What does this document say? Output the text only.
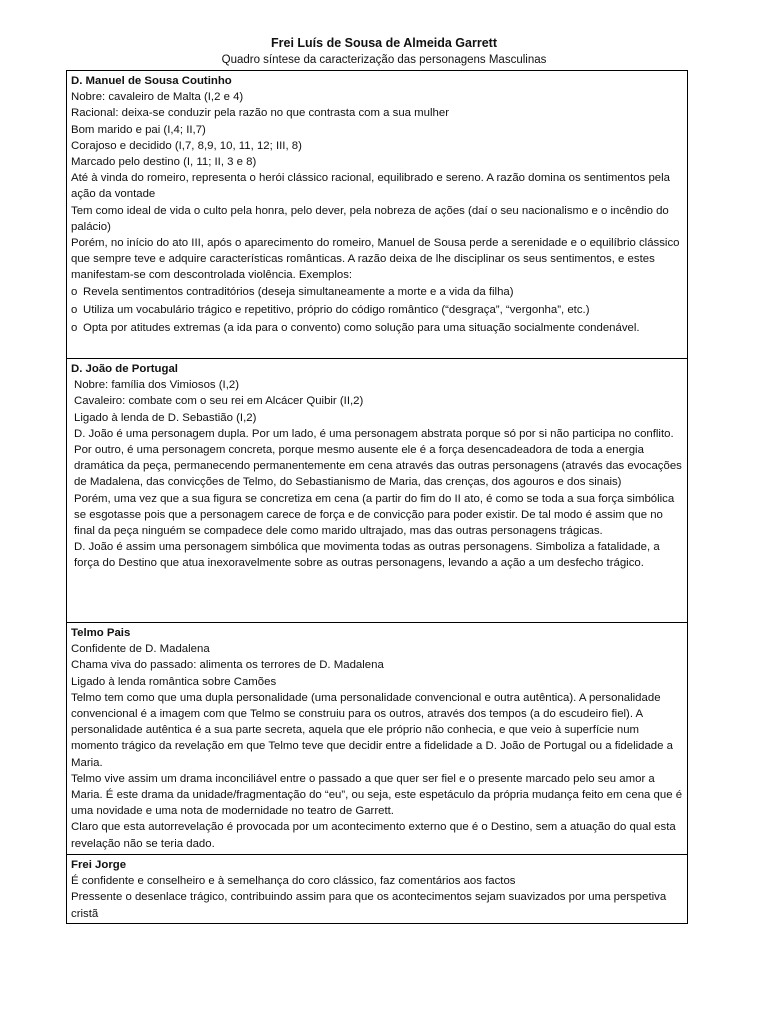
Frei Luís de Sousa de Almeida Garrett
Quadro síntese da caracterização das personagens Masculinas
D. Manuel de Sousa Coutinho
Nobre: cavaleiro de Malta (I,2 e 4)
Racional: deixa-se conduzir pela razão no que contrasta com a sua mulher
Bom marido e pai (I,4; II,7)
Corajoso e decidido (I,7, 8,9, 10, 11, 12; III, 8)
Marcado pelo destino (I, 11; II, 3 e 8)
Até à vinda do romeiro, representa o herói clássico racional, equilibrado e sereno. A razão domina os sentimentos pela ação da vontade
Tem como ideal de vida o culto pela honra, pelo dever, pela nobreza de ações (daí o seu nacionalismo e o incêndio do palácio)
Porém, no início do ato III, após o aparecimento do romeiro, Manuel de Sousa perde a serenidade e o equilíbrio clássico que sempre teve e adquire características românticas. A razão deixa de lhe disciplinar os seus sentimentos, e estes manifestam-se com descontrolada violência. Exemplos:
o Revela sentimentos contraditórios (deseja simultaneamente a morte e a vida da filha)
o Utiliza um vocabulário trágico e repetitivo, próprio do código romântico (“desgraça”, “vergonha”, etc.)
o Opta por atitudes extremas (a ida para o convento) como solução para uma situação socialmente condenável.
D. João de Portugal
Nobre: família dos Vimiosos (I,2)
Cavaleiro: combate com o seu rei em Alcácer Quibir (II,2)
Ligado à lenda de D. Sebastião (I,2)
D. João é uma personagem dupla. Por um lado, é uma personagem abstrata porque só por si não participa no conflito. Por outro, é uma personagem concreta, porque mesmo ausente ele é a força desencadeadora de toda a energia dramática da peça, permanecendo permanentemente em cena através das outras personagens (através das evocações de Madalena, das convicções de Telmo, do Sebastianismo de Maria, das crenças, dos agouros e dos sinais)
Porém, uma vez que a sua figura se concretiza em cena (a partir do fim do II ato, é como se toda a sua força simbólica se esgotasse pois que a personagem carece de força e de convicção para poder existir. De tal modo é assim que no final da peça ninguém se compadece dele como marido ultrajado, mas das outras personagens trágicas.
D. João é assim uma personagem simbólica que movimenta todas as outras personagens. Simboliza a fatalidade, a força do Destino que atua inexoravelmente sobre as outras personagens, levando a ação a um desfecho trágico.
Telmo Pais
Confidente de D. Madalena
Chama viva do passado: alimenta os terrores de D. Madalena
Ligado à lenda romântica sobre Camões
Telmo tem como que uma dupla personalidade (uma personalidade convencional e outra autêntica). A personalidade convencional é a imagem com que Telmo se construiu para os outros, através dos tempos (a do escudeiro fiel). A personalidade autêntica é a sua parte secreta, aquela que ele próprio não conhecia, e que veio à superfície num momento trágico da revelação em que Telmo teve que decidir entre a fidelidade a D. João de Portugal ou a fidelidade a Maria.
Telmo vive assim um drama inconciliável entre o passado a que quer ser fiel e o presente marcado pelo seu amor a Maria. É este drama da unidade/fragmentação do “eu”, ou seja, este espetáculo da própria mudança feito em cena que é uma novidade e uma nota de modernidade no teatro de Garrett.
Claro que esta autorrevelação é provocada por um acontecimento externo que é o Destino, sem a atuação do qual esta revelação não se teria dado.
Frei Jorge
É confidente e conselheiro e à semelhança do coro clássico, faz comentários aos factos
Pressente o desenlace trágico, contribuindo assim para que os acontecimentos sejam suavizados por uma perspetiva cristã
